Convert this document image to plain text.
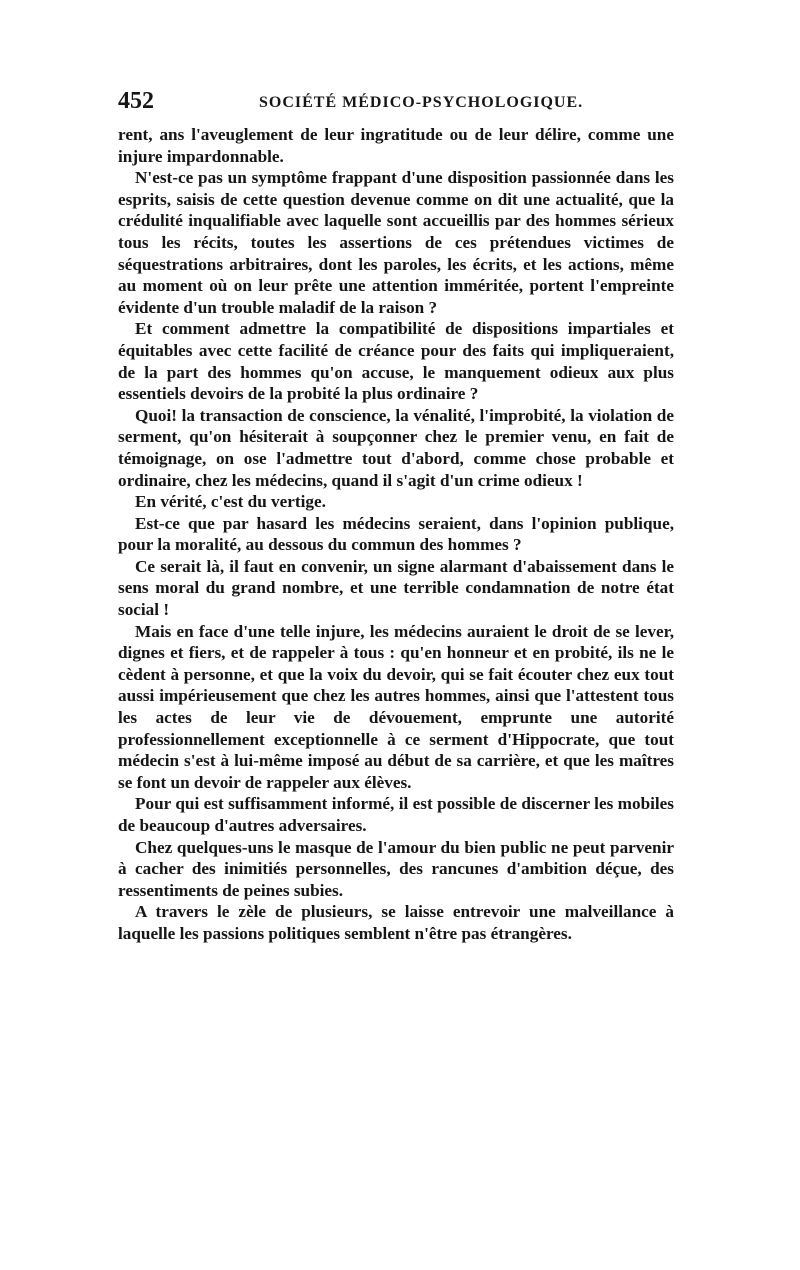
452	SOCIÉTÉ MÉDICO-PSYCHOLOGIQUE.

rent, ans l'aveuglement de leur ingratitude ou de leur délire, comme une injure impardonnable.

N'est-ce pas un symptôme frappant d'une disposition passionnée dans les esprits, saisis de cette question devenue comme on dit une actualité, que la crédulité inqualifiable avec laquelle sont accueillis par des hommes sérieux tous les récits, toutes les assertions de ces prétendues victimes de séquestrations arbitraires, dont les paroles, les écrits, et les actions, même au moment où on leur prête une attention imméritée, portent l'empreinte évidente d'un trouble maladif de la raison ?

Et comment admettre la compatibilité de dispositions impartiales et équitables avec cette facilité de créance pour des faits qui impliqueraient, de la part des hommes qu'on accuse, le manquement odieux aux plus essentiels devoirs de la probité la plus ordinaire ?

Quoi! la transaction de conscience, la vénalité, l'improbité, la violation de serment, qu'on hésiterait à soupçonner chez le premier venu, en fait de témoignage, on ose l'admettre tout d'abord, comme chose probable et ordinaire, chez les médecins, quand il s'agit d'un crime odieux !

En vérité, c'est du vertige.

Est-ce que par hasard les médecins seraient, dans l'opinion publique, pour la moralité, au dessous du commun des hommes ?

Ce serait là, il faut en convenir, un signe alarmant d'abaissement dans le sens moral du grand nombre, et une terrible condamnation de notre état social !

Mais en face d'une telle injure, les médecins auraient le droit de se lever, dignes et fiers, et de rappeler à tous : qu'en honneur et en probité, ils ne le cèdent à personne, et que la voix du devoir, qui se fait écouter chez eux tout aussi impérieusement que chez les autres hommes, ainsi que l'attestent tous les actes de leur vie de dévouement, emprunte une autorité professionnellement exceptionnelle à ce serment d'Hippocrate, que tout médecin s'est à lui-même imposé au début de sa carrière, et que les maîtres se font un devoir de rappeler aux élèves.

Pour qui est suffisamment informé, il est possible de discerner les mobiles de beaucoup d'autres adversaires.

Chez quelques-uns le masque de l'amour du bien public ne peut parvenir à cacher des inimitiés personnelles, des rancunes d'ambition déçue, des ressentiments de peines subies.

A travers le zèle de plusieurs, se laisse entrevoir une malveillance à laquelle les passions politiques semblent n'être pas étrangères.
